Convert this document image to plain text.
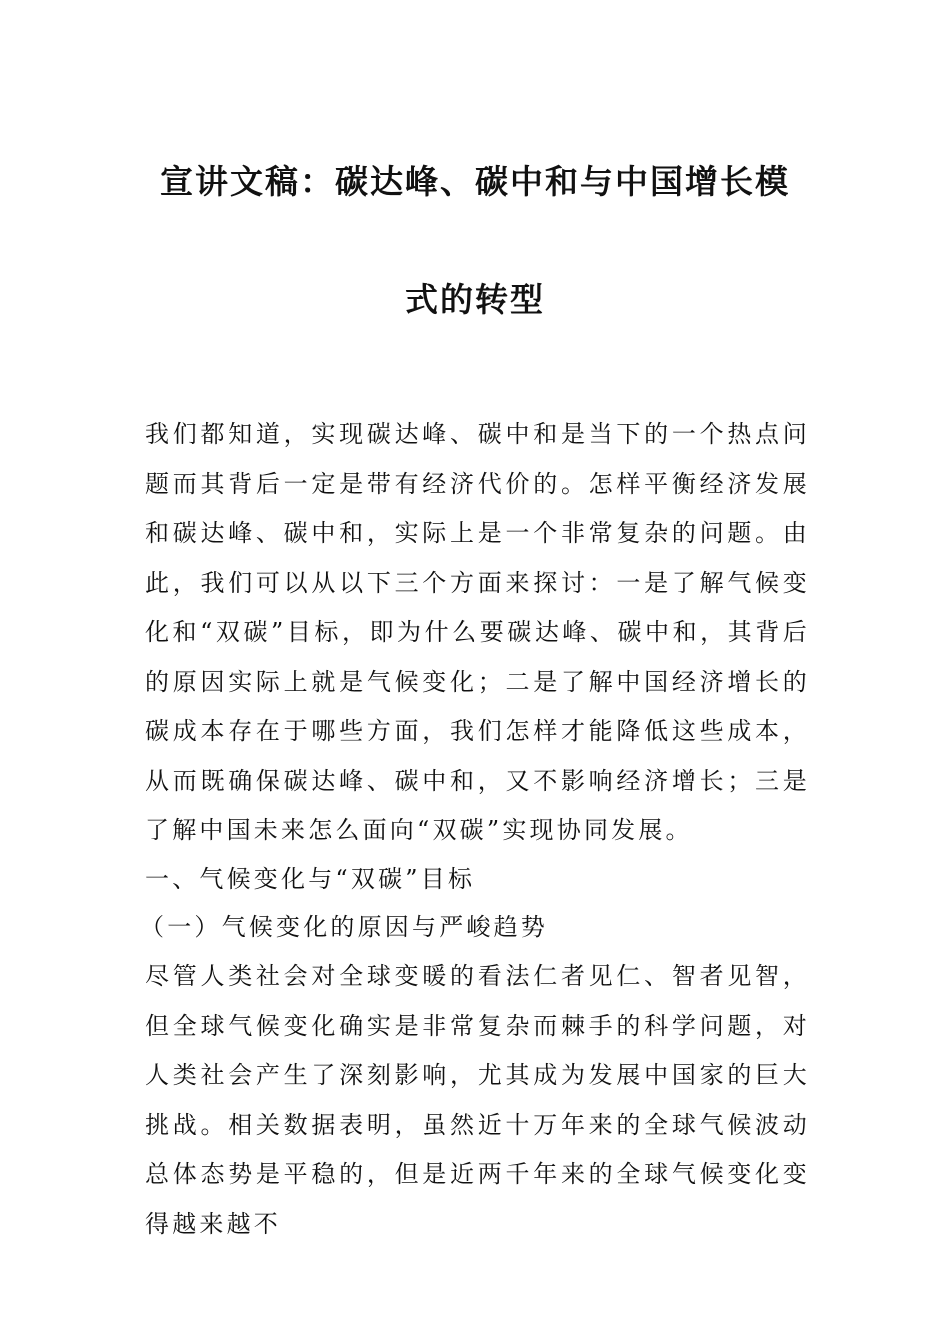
宣讲文稿：碳达峰、碳中和与中国增长模
式的转型

我们都知道，实现碳达峰、碳中和是当下的一个热点问题而其背后一定是带有经济代价的。怎样平衡经济发展和碳达峰、碳中和，实际上是一个非常复杂的问题。由此，我们可以从以下三个方面来探讨：一是了解气候变化和“双碳”目标，即为什么要碳达峰、碳中和，其背后的原因实际上就是气候变化；二是了解中国经济增长的碳成本存在于哪些方面，我们怎样才能降低这些成本，从而既确保碳达峰、碳中和，又不影响经济增长；三是了解中国未来怎么面向“双碳”实现协同发展。

一、气候变化与“双碳”目标
（一）气候变化的原因与严峻趋势

尽管人类社会对全球变暖的看法仁者见仁、智者见智，但全球气候变化确实是非常复杂而棘手的科学问题，对人类社会产生了深刻影响，尤其成为发展中国家的巨大挑战。相关数据表明，虽然近十万年来的全球气候波动总体态势是平稳的，但是近两千年来的全球气候变化变得越来越不
